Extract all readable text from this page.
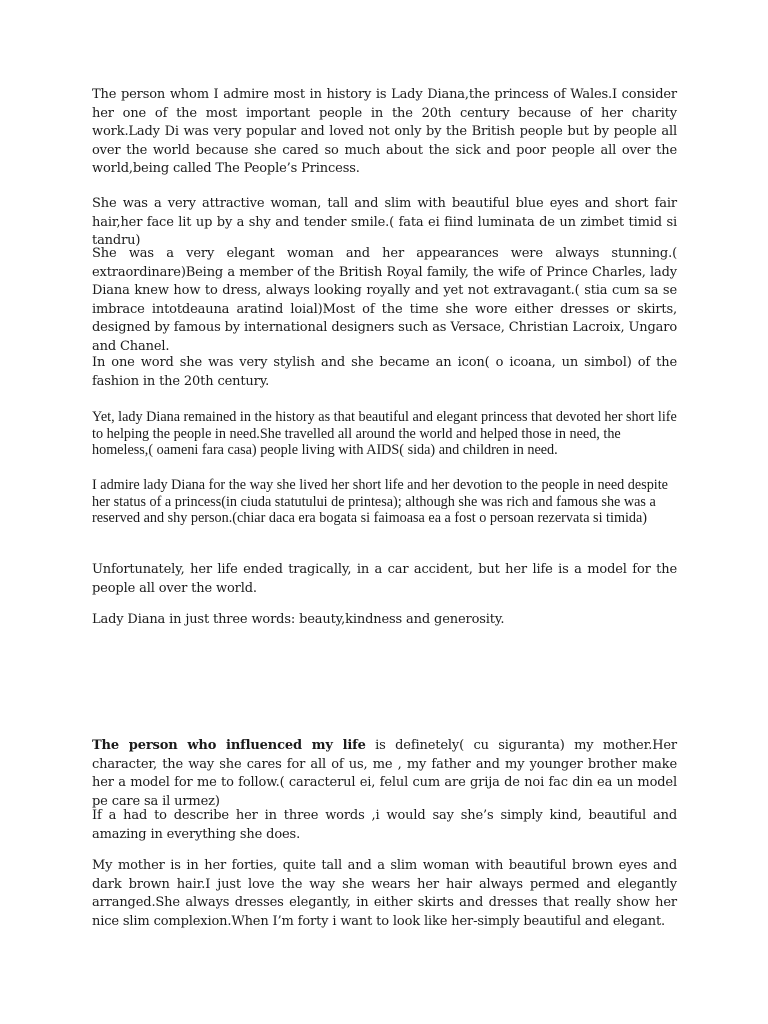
The person whom I admire most in history is Lady Diana,the princess of Wales.I consider her one of the most important people in the 20th century because of her charity work.Lady Di was very popular and loved not only by the British people but by people all over the world because she cared so much about the sick and poor people all over the world,being called The People’s Princess.

She was a very attractive woman, tall and slim with beautiful blue eyes and short fair hair,her face lit up by a shy and tender smile.( fata ei fiind luminata de un zimbet timid si tandru)

She was a very elegant woman and her appearances were always stunning.( extraordinare)Being a member of the British Royal family, the wife of Prince Charles, lady Diana knew how to dress, always looking royally and yet not extravagant.( stia cum sa se imbrace intotdeauna aratind loial)Most of the time she wore either dresses or skirts, designed by famous by international designers such as Versace, Christian Lacroix, Ungaro and Chanel.

In one word she was very stylish and she became an icon( o icoana, un simbol) of the fashion in the 20th century.

Yet, lady Diana remained in the history as that beautiful and elegant princess that devoted her short life to helping the people in need.She travelled all around the world and helped those in need, the homeless,( oameni fara casa) people living with AIDS( sida) and children in need.

I admire lady Diana for the way she lived her short life and her devotion to the people in need despite her status of a princess(in ciuda statutului de printesa); although she was rich and famous she was a reserved and shy person.(chiar daca era bogata si faimoasa ea a fost o persoan rezervata si timida)

Unfortunately, her life ended tragically, in a car accident, but her life is a model for the people all over the world.

Lady Diana in just three words: beauty,kindness and generosity.

The person who influenced my life is definetely( cu siguranta) my mother.Her character, the way she cares for all of us, me , my father and my younger brother make her a model for me to follow.( caracterul ei, felul cum are grija de noi fac din ea un model pe care sa il urmez)

If a had to describe her in three words ,i would say she’s simply kind, beautiful and amazing in everything she does.

My mother is in her forties, quite tall and a slim woman with beautiful brown eyes and dark brown hair.I just love the way she wears her hair always permed and elegantly arranged.She always dresses elegantly, in either skirts and dresses that really show her nice slim complexion.When I’m forty i want to look like her-simply beautiful and elegant.
